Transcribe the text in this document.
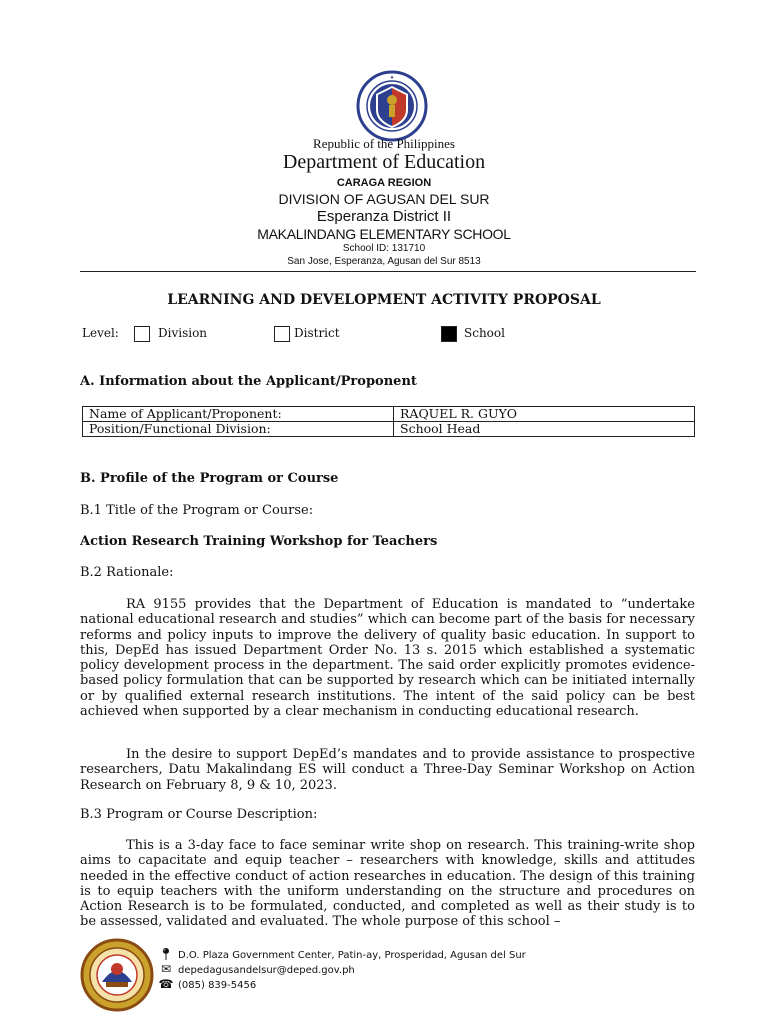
★
Republic of the Philippines
Department of Education
CARAGA REGION
DIVISION OF AGUSAN DEL SUR
Esperanza District II
MAKALINDANG ELEMENTARY SCHOOL
School ID: 131710
San Jose, Esperanza, Agusan del Sur 8513
LEARNING AND DEVELOPMENT ACTIVITY PROPOSAL
Level:	Division	District	School
A. Information about the Applicant/Proponent
Name of Applicant/Proponent:	RAQUEL R. GUYO
Position/Functional Division:	School Head
B. Profile of the Program or Course
B.1 Title of the Program or Course:
Action Research Training Workshop for Teachers
B.2 Rationale:

RA 9155 provides that the Department of Education is mandated to “undertake national educational research and studies” which can become part of the basis for necessary reforms and policy inputs to improve the delivery of quality basic education. In support to this, DepEd has issued Department Order No. 13 s. 2015 which established a systematic policy development process in the department. The said order explicitly promotes evidence-based policy formulation that can be supported by research which can be initiated internally or by qualified external research institutions. The intent of the said policy can be best achieved when supported by a clear mechanism in conducting educational research.

In the desire to support DepEd’s mandates and to provide assistance to prospective researchers, Datu Makalindang ES will conduct a Three-Day Seminar Workshop on Action Research on February 8, 9 & 10, 2023.

B.3 Program or Course Description:

This is a 3-day face to face seminar write shop on research. This training-write shop aims to capacitate and equip teacher – researchers with knowledge, skills and attitudes needed in the effective conduct of action researches in education. The design of this training is to equip teachers with the uniform understanding on the structure and procedures on Action Research is to be formulated, conducted, and completed as well as their study is to be assessed, validated and evaluated. The whole purpose of this school –

📍︎ D.O. Plaza Government Center, Patin-ay, Prosperidad, Agusan del Sur
✉ depedagusandelsur@deped.gov.ph
☎ (085) 839-5456
